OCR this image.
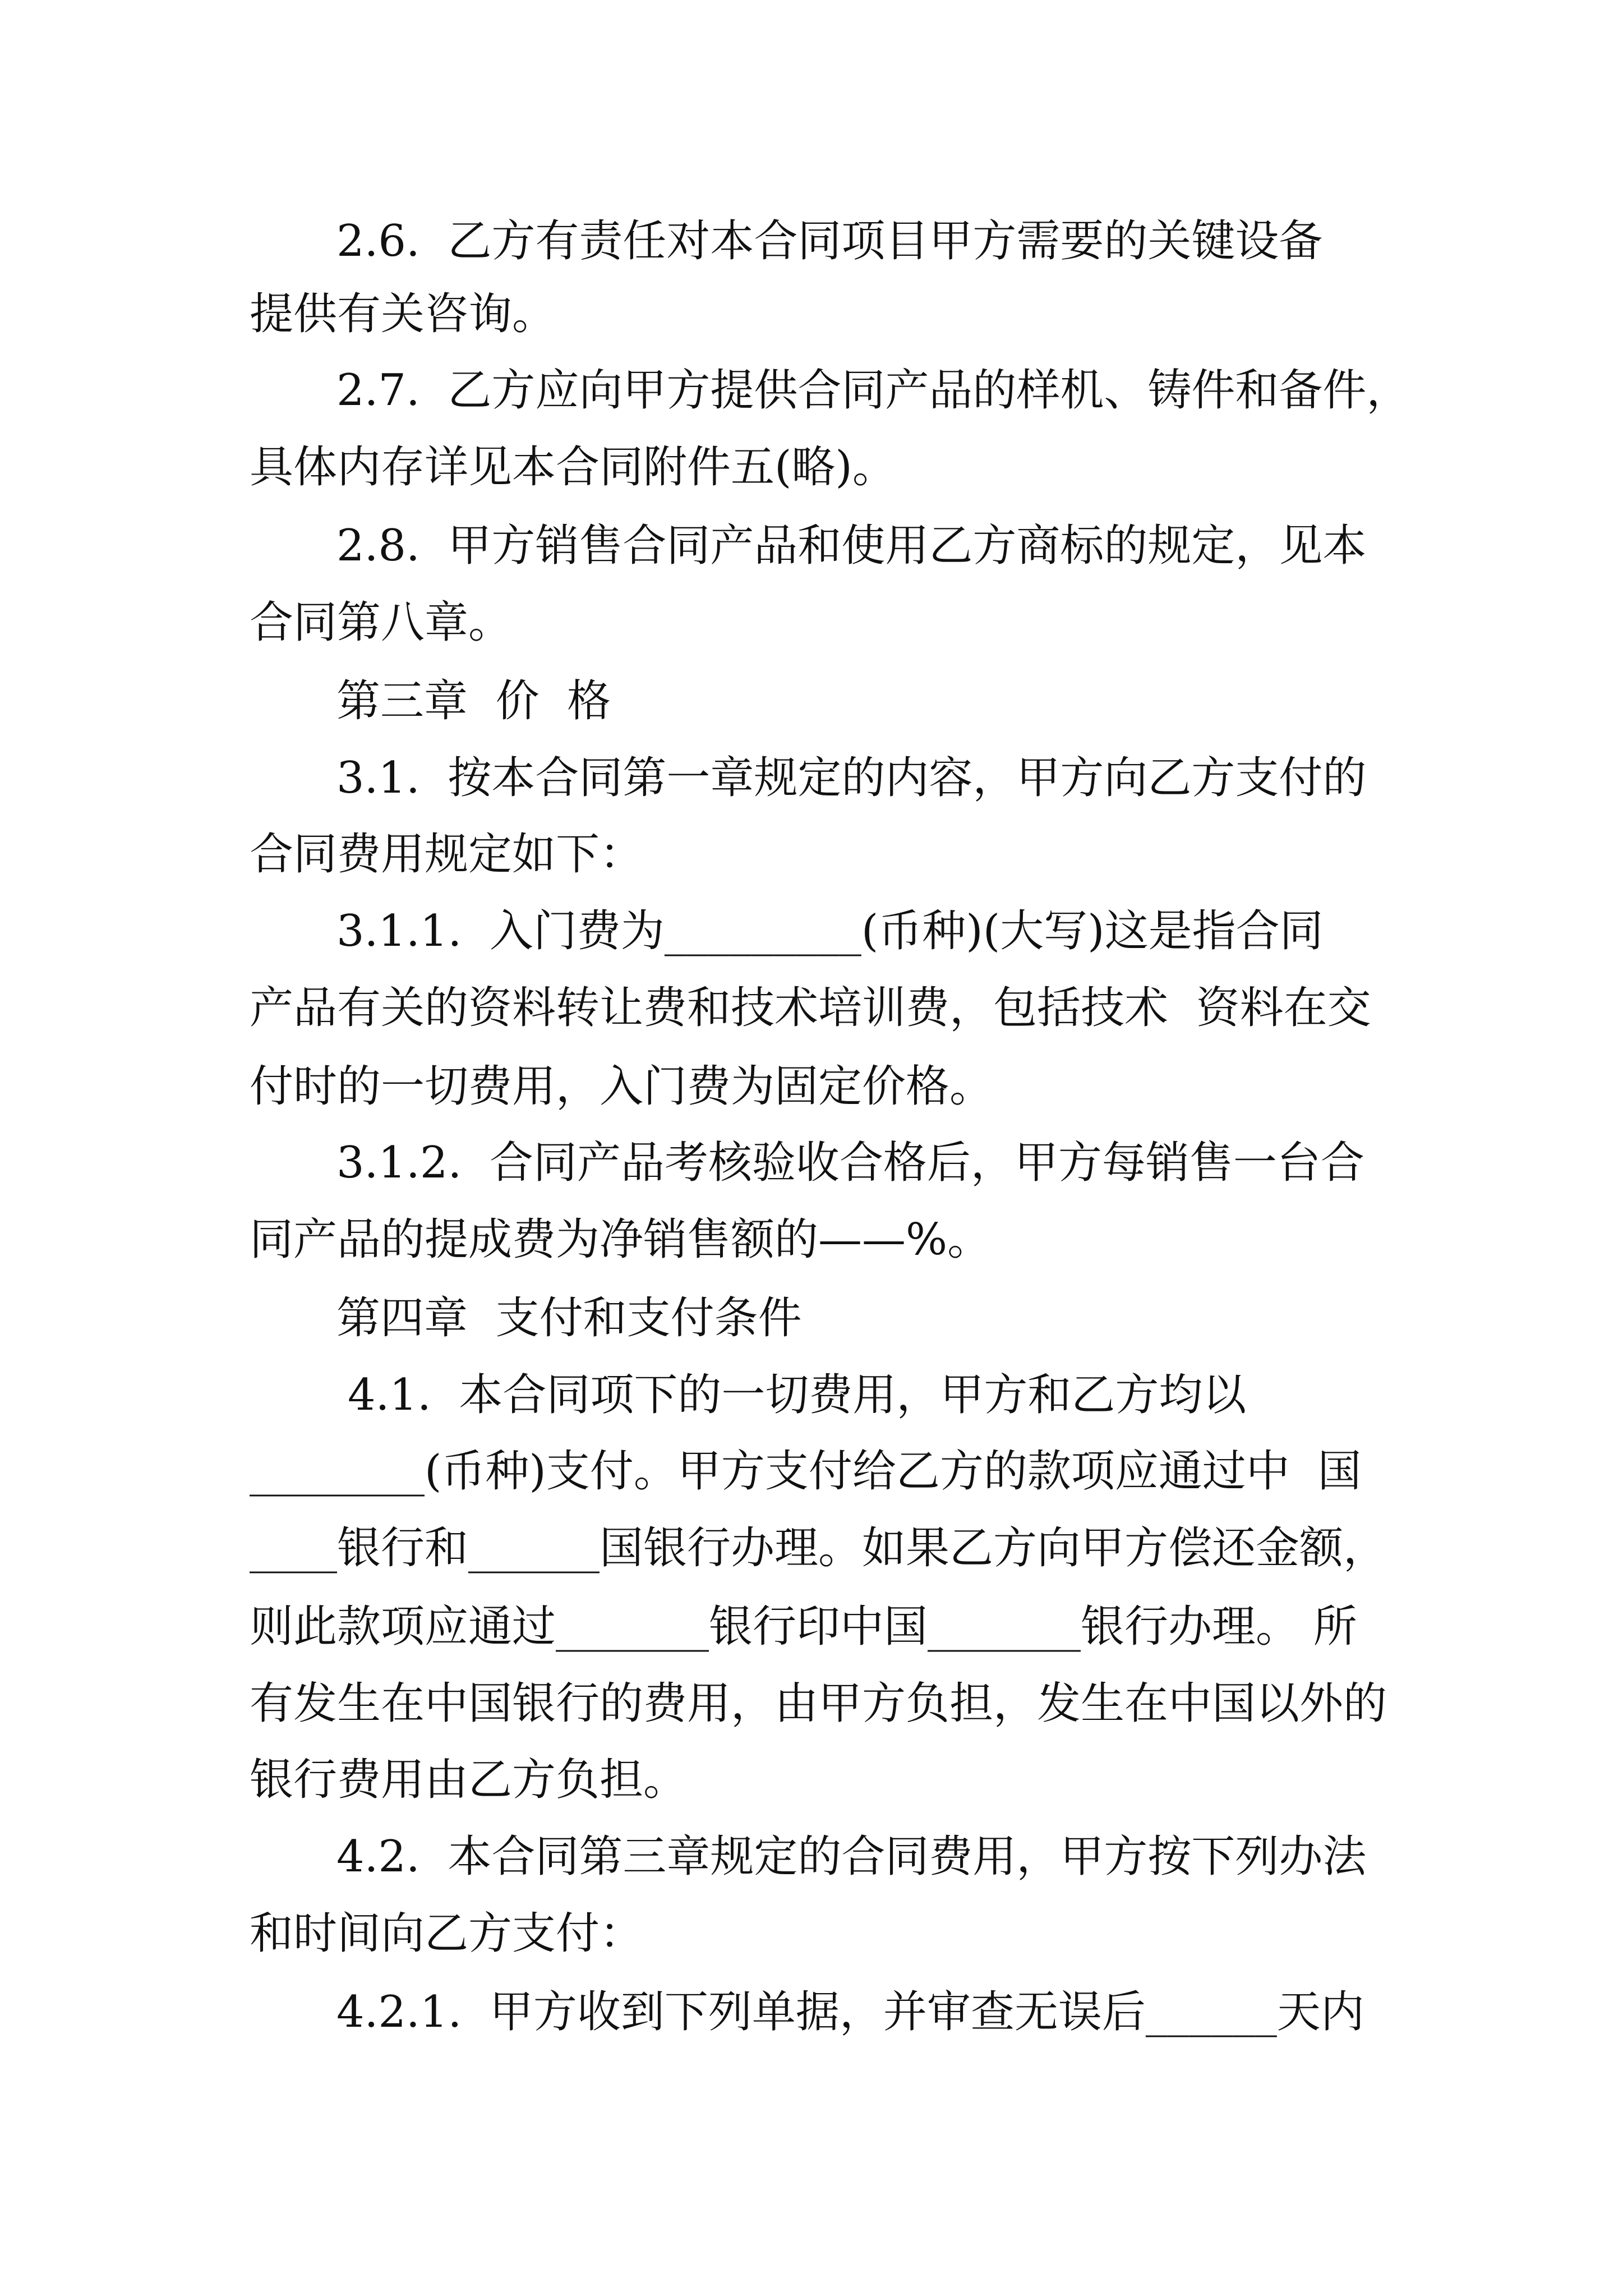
2.6.  乙方有责任对本合同项目甲方需要的关键设备
提供有关咨询。
2.7.  乙方应向甲方提供合同产品的样机、铸件和备件，
具体内存详见本合同附件五(略)。
2.8.  甲方销售合同产品和使用乙方商标的规定，见本
合同第八章。
第三章  价  格
3.1.  按本合同第一章规定的内容，甲方向乙方支付的
合同费用规定如下：
3.1.1.  入门费为_________(币种)(大写)这是指合同
产品有关的资料转让费和技术培训费，包括技术  资料在交
付时的一切费用，入门费为固定价格。
3.1.2.  合同产品考核验收合格后，甲方每销售一台合
同产品的提成费为净销售额的——%。
第四章  支付和支付条件
4.1.  本合同项下的一切费用，甲方和乙方均以
________(币种)支付。甲方支付给乙方的款项应通过中  国
____银行和______国银行办理。如果乙方向甲方偿还金额，
则此款项应通过_______银行印中国_______银行办理。 所
有发生在中国银行的费用，由甲方负担，发生在中国以外的
银行费用由乙方负担。
4.2.  本合同第三章规定的合同费用，甲方按下列办法
和时间向乙方支付：
4.2.1.  甲方收到下列单据，并审查无误后______天内
